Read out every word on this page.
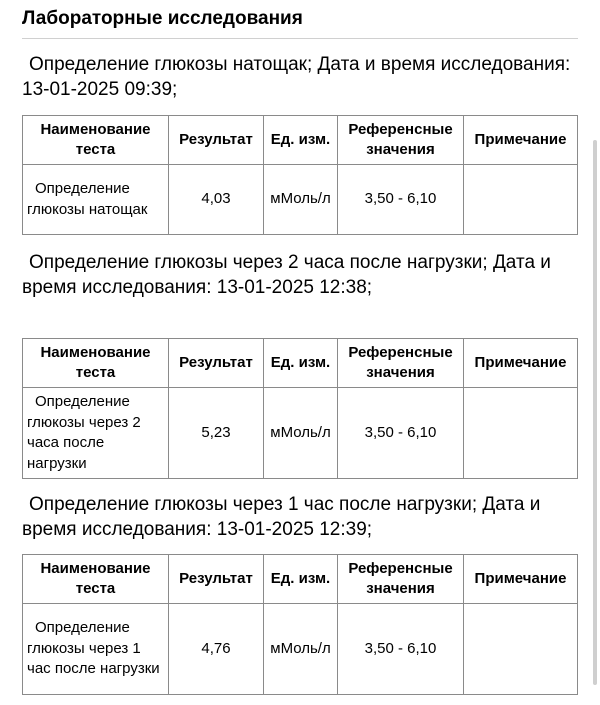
Лабораторные исследования
Определение глюкозы натощак; Дата и время исследования: 13-01-2025 09:39;
Наименование теста	Результат	Ед. изм.	Референсные значения	Примечание

Определение
глюкозы натощак	4,03	мМоль/л	3,50 - 6,10	
Определение глюкозы через 2 часа после нагрузки; Дата и время исследования: 13-01-2025 12:38;
Наименование теста	Результат	Ед. изм.	Референсные значения	Примечание

Определение
глюкозы через 2 часа после нагрузки	5,23	мМоль/л	3,50 - 6,10	
Определение глюкозы через 1 час после нагрузки; Дата и время исследования: 13-01-2025 12:39;
Наименование теста	Результат	Ед. изм.	Референсные значения	Примечание

Определение
глюкозы через 1 час после нагрузки	4,76	мМоль/л	3,50 - 6,10	
